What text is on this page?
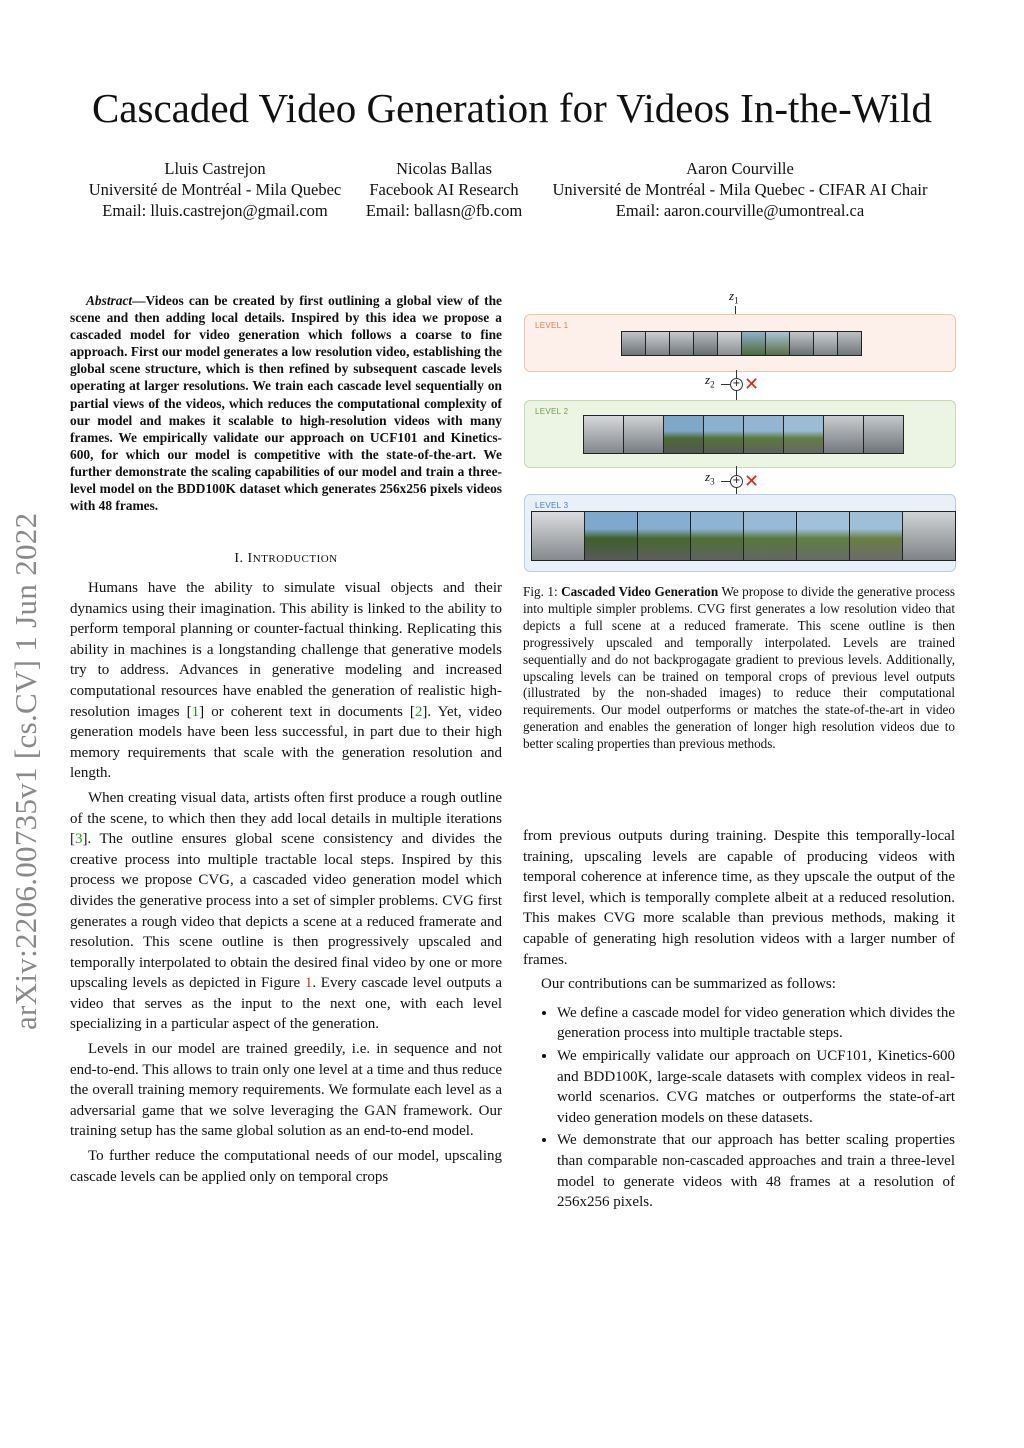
arXiv:2206.00735v1 [cs.CV] 1 Jun 2022
Cascaded Video Generation for Videos In-the-Wild
Lluis Castrejon
Université de Montréal - Mila Quebec
Email: lluis.castrejon@gmail.com
Nicolas Ballas
Facebook AI Research
Email: ballasn@fb.com
Aaron Courville
Université de Montréal - Mila Quebec - CIFAR AI Chair
Email: aaron.courville@umontreal.ca
Abstract—Videos can be created by first outlining a global view of the scene and then adding local details. Inspired by this idea we propose a cascaded model for video generation which follows a coarse to fine approach. First our model generates a low resolution video, establishing the global scene structure, which is then refined by subsequent cascade levels operating at larger resolutions. We train each cascade level sequentially on partial views of the videos, which reduces the computational complexity of our model and makes it scalable to high-resolution videos with many frames. We empirically validate our approach on UCF101 and Kinetics-600, for which our model is competitive with the state-of-the-art. We further demonstrate the scaling capabilities of our model and train a three-level model on the BDD100K dataset which generates 256x256 pixels videos with 48 frames.
I. INTRODUCTION

Humans have the ability to simulate visual objects and their dynamics using their imagination. This ability is linked to the ability to perform temporal planning or counter-factual thinking. Replicating this ability in machines is a longstanding challenge that generative models try to address. Advances in generative modeling and increased computational resources have enabled the generation of realistic high-resolution images [1] or coherent text in documents [2]. Yet, video generation models have been less successful, in part due to their high memory requirements that scale with the generation resolution and length.

When creating visual data, artists often first produce a rough outline of the scene, to which then they add local details in multiple iterations [3]. The outline ensures global scene consistency and divides the creative process into multiple tractable local steps. Inspired by this process we propose CVG, a cascaded video generation model which divides the generative process into a set of simpler problems. CVG first generates a rough video that depicts a scene at a reduced framerate and resolution. This scene outline is then progressively upscaled and temporally interpolated to obtain the desired final video by one or more upscaling levels as depicted in Figure 1. Every cascade level outputs a video that serves as the input to the next one, with each level specializing in a particular aspect of the generation.

Levels in our model are trained greedily, i.e. in sequence and not end-to-end. This allows to train only one level at a time and thus reduce the overall training memory requirements. We formulate each level as a adversarial game that we solve leveraging the GAN framework. Our training setup has the same global solution as an end-to-end model.

To further reduce the computational needs of our model, upscaling cascade levels can be applied only on temporal crops

$z_1$
LEVEL 1
$z_2$ + ✕
LEVEL 2
$z_3$ + ✕
LEVEL 3
Fig. 1: Cascaded Video Generation We propose to divide the generative process into multiple simpler problems. CVG first generates a low resolution video that depicts a full scene at a reduced framerate. This scene outline is then progressively upscaled and temporally interpolated. Levels are trained sequentially and do not backprogagate gradient to previous levels. Additionally, upscaling levels can be trained on temporal crops of previous level outputs (illustrated by the non-shaded images) to reduce their computational requirements. Our model outperforms or matches the state-of-the-art in video generation and enables the generation of longer high resolution videos due to better scaling properties than previous methods.

from previous outputs during training. Despite this temporally-local training, upscaling levels are capable of producing videos with temporal coherence at inference time, as they upscale the output of the first level, which is temporally complete albeit at a reduced resolution. This makes CVG more scalable than previous methods, making it capable of generating high resolution videos with a larger number of frames.

Our contributions can be summarized as follows:

• We define a cascade model for video generation which divides the generation process into multiple tractable steps.
• We empirically validate our approach on UCF101, Kinetics-600 and BDD100K, large-scale datasets with complex videos in real-world scenarios. CVG matches or outperforms the state-of-art video generation models on these datasets.
• We demonstrate that our approach has better scaling properties than comparable non-cascaded approaches and train a three-level model to generate videos with 48 frames at a resolution of 256x256 pixels.
